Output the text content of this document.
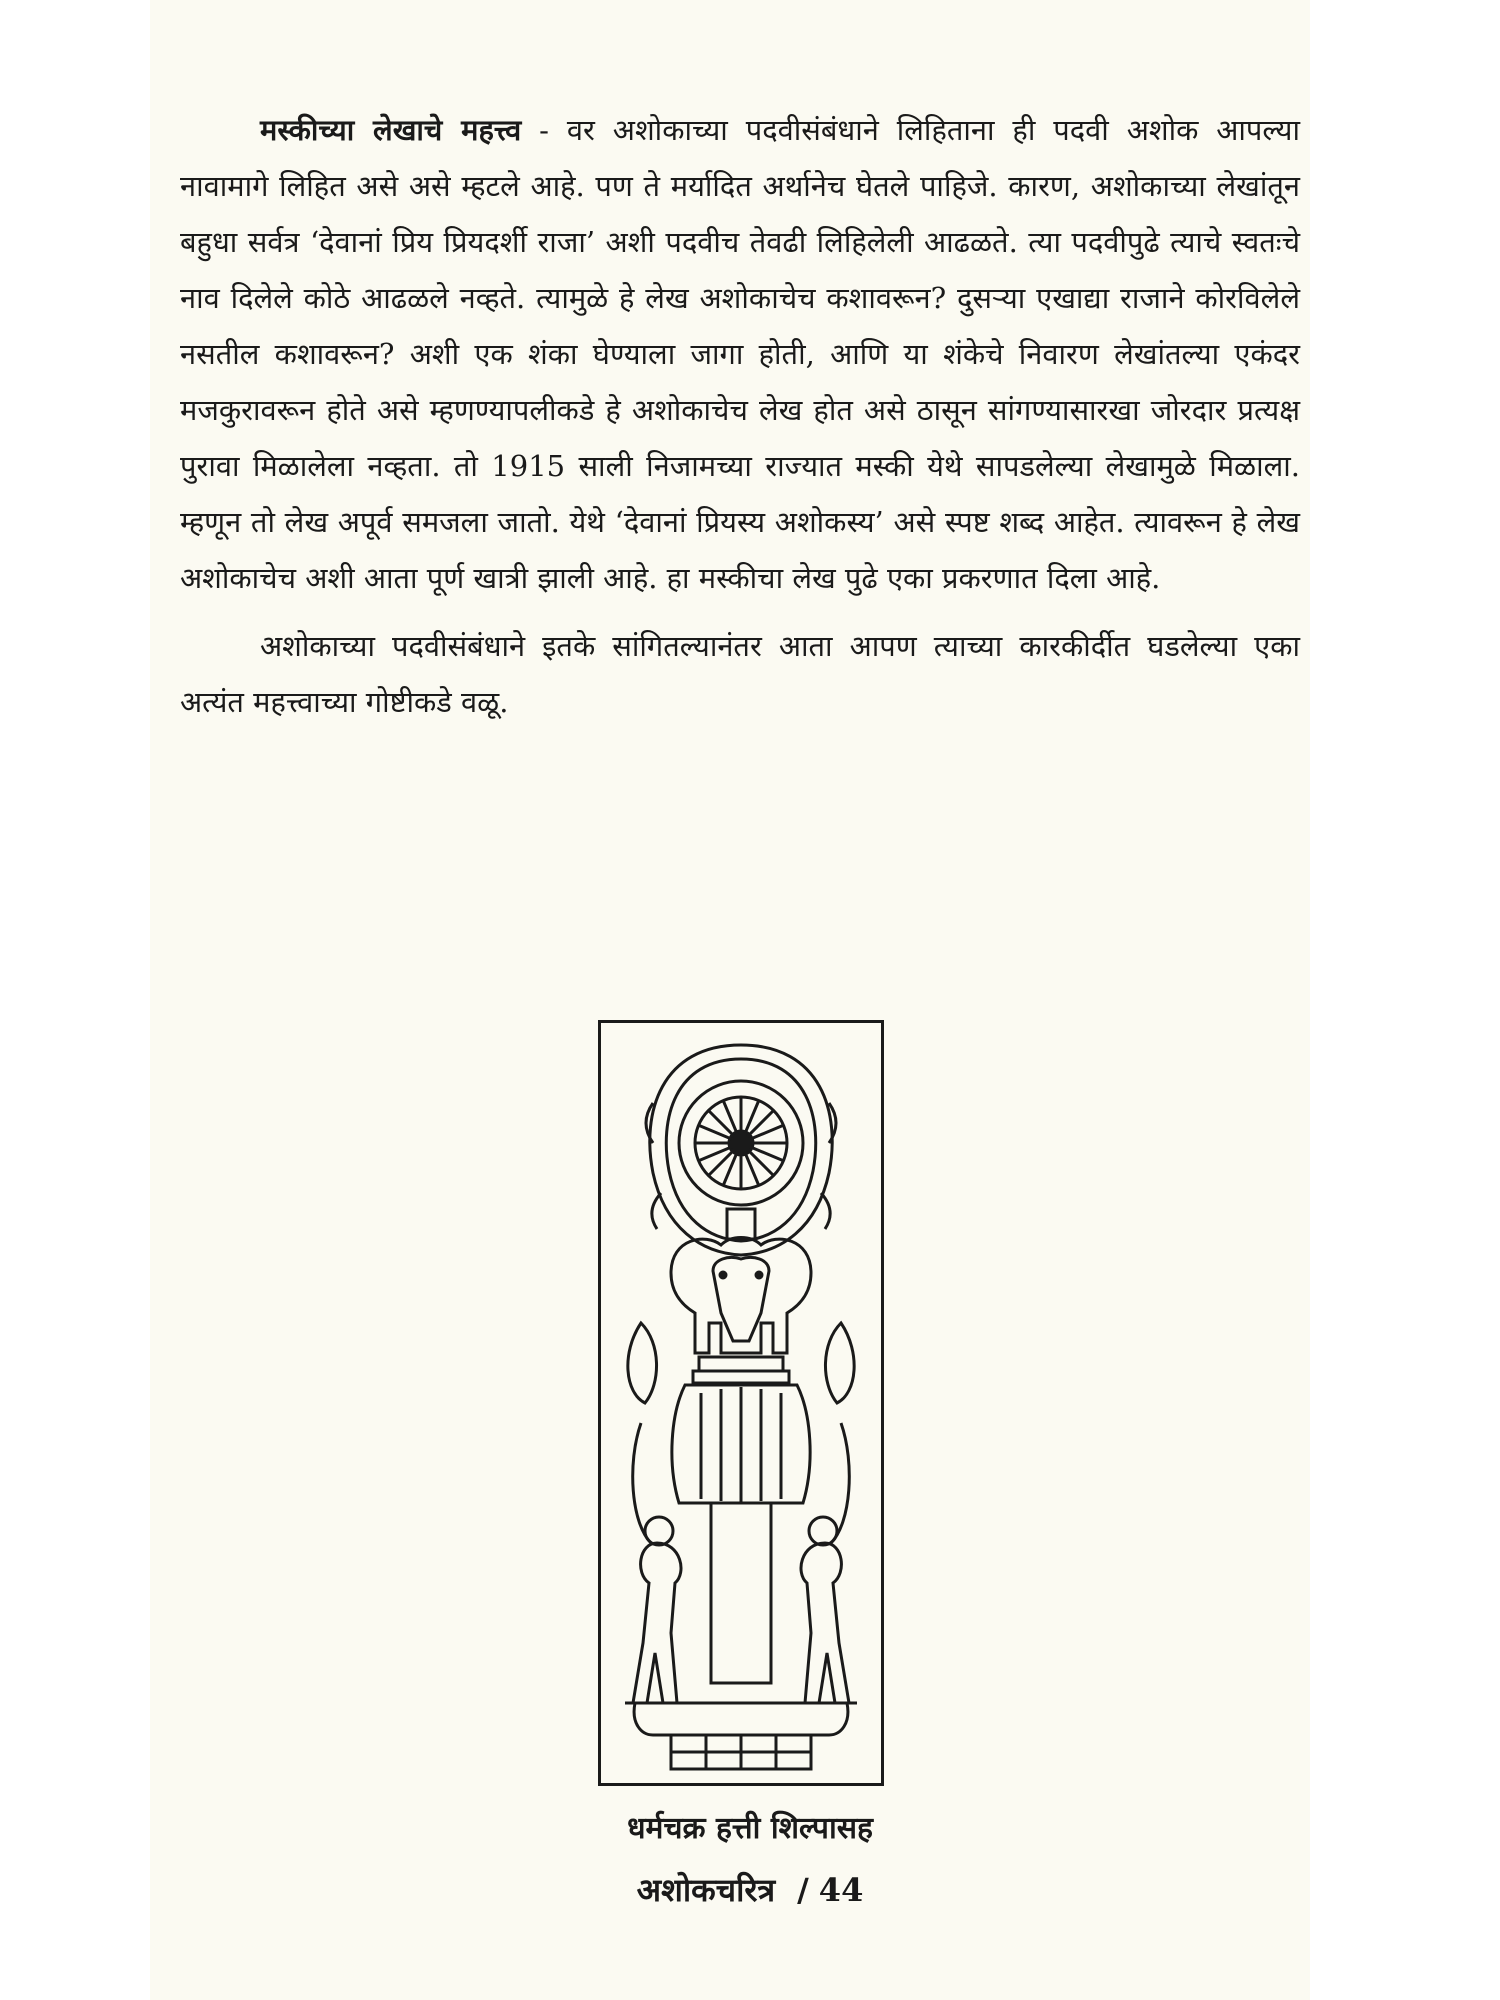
मस्कीच्या लेखाचे महत्त्व - वर अशोकाच्या पदवीसंबंधाने लिहिताना ही पदवी अशोक आपल्या नावामागे लिहित असे असे म्हटले आहे. पण ते मर्यादित अर्थानेच घेतले पाहिजे. कारण, अशोकाच्या लेखांतून बहुधा सर्वत्र ‘देवानां प्रिय प्रियदर्शी राजा’ अशी पदवीच तेवढी लिहिलेली आढळते. त्या पदवीपुढे त्याचे स्वतःचे नाव दिलेले कोठे आढळले नव्हते. त्यामुळे हे लेख अशोकाचेच कशावरून? दुसऱ्या एखाद्या राजाने कोरविलेले नसतील कशावरून? अशी एक शंका घेण्याला जागा होती, आणि या शंकेचे निवारण लेखांतल्या एकंदर मजकुरावरून होते असे म्हणण्यापलीकडे हे अशोकाचेच लेख होत असे ठासून सांगण्यासारखा जोरदार प्रत्यक्ष पुरावा मिळालेला नव्हता. तो 1915 साली निजामच्या राज्यात मस्की येथे सापडलेल्या लेखामुळे मिळाला. म्हणून तो लेख अपूर्व समजला जातो. येथे ‘देवानां प्रियस्य अशोकस्य’ असे स्पष्ट शब्द आहेत. त्यावरून हे लेख अशोकाचेच अशी आता पूर्ण खात्री झाली आहे. हा मस्कीचा लेख पुढे एका प्रकरणात दिला आहे.

अशोकाच्या पदवीसंबंधाने इतके सांगितल्यानंतर आता आपण त्याच्या कारकीर्दीत घडलेल्या एका अत्यंत महत्त्वाच्या गोष्टीकडे वळू.

धर्मचक्र हत्ती शिल्पासह
अशोकचरित्र / 44
